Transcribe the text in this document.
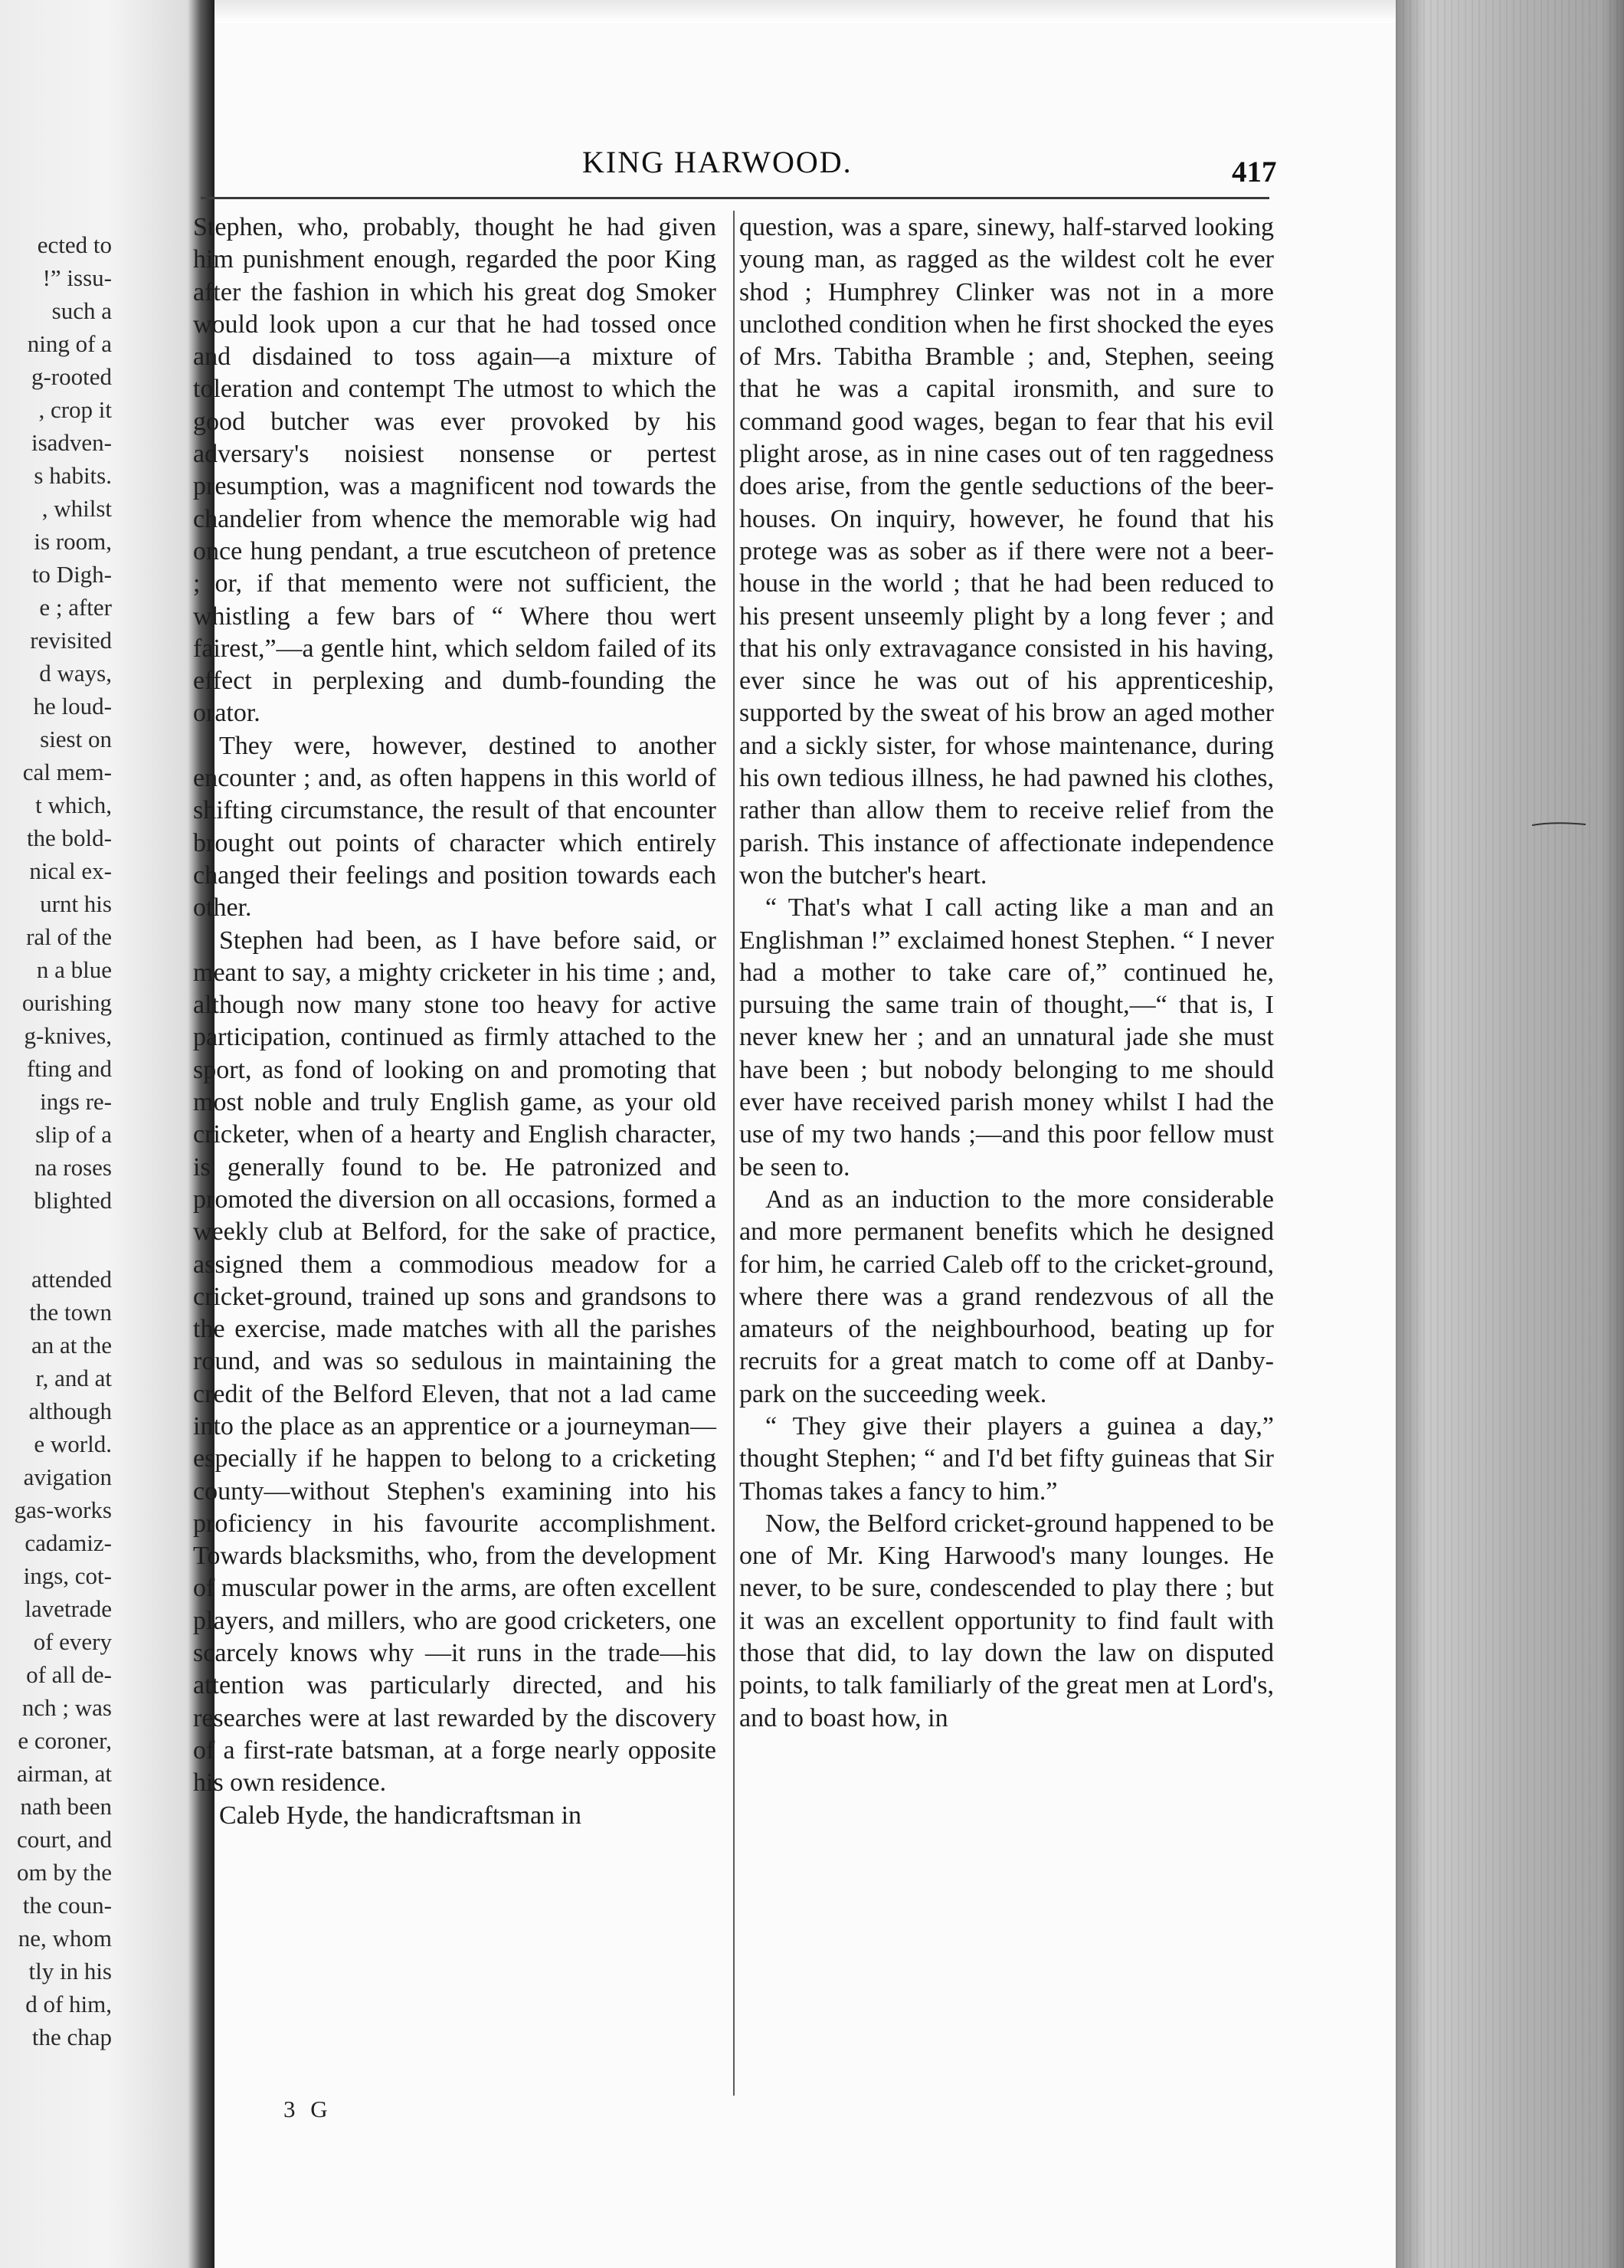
ected to
!” issu-
such a
ning of a
g-rooted
, crop it
isadven-
s habits.
, whilst
is room,
to Digh-
e ; after
revisited
d ways,
he loud-
siest on
cal mem-
t which,
the bold-
nical ex-
urnt his
ral of the
n a blue
ourishing
g-knives,
fting and
ings re-
slip of a
na roses
blighted
attended
the town
an at the
r, and at
although
e world.
avigation
gas-works
cadamiz-
ings, cot-
lavetrade
of every
of all de-
nch ; was
e coroner,
airman, at
nath been
court, and
om by the
the coun-
ne, whom
tly in his
d of him,
the chap
KING HARWOOD.	417

Stephen, who, probably, thought he had given him punishment enough, regarded the poor King after the fashion in which his great dog Smoker would look upon a cur that he had tossed once and disdained to toss again—a mixture of toleration and contempt The utmost to which the good butcher was ever provoked by his adversary's noisiest nonsense or pertest presumption, was a magnificent nod towards the chandelier from whence the memorable wig had once hung pendant, a true escutcheon of pretence ; or, if that memento were not sufficient, the whistling a few bars of “ Where thou wert fairest,”—a gentle hint, which seldom failed of its effect in perplexing and dumb-founding the orator.

They were, however, destined to another encounter ; and, as often happens in this world of shifting circumstance, the result of that encounter brought out points of character which entirely changed their feelings and position towards each other.

Stephen had been, as I have before said, or meant to say, a mighty cricketer in his time ; and, although now many stone too heavy for active participation, continued as firmly attached to the sport, as fond of looking on and promoting that most noble and truly English game, as your old cricketer, when of a hearty and English character, is generally found to be. He patronized and promoted the diversion on all occasions, formed a weekly club at Belford, for the sake of practice, assigned them a commodious meadow for a cricket-ground, trained up sons and grandsons to the exercise, made matches with all the parishes round, and was so sedulous in maintaining the credit of the Belford Eleven, that not a lad came into the place as an apprentice or a journeyman—especially if he happen to belong to a cricketing county—without Stephen's examining into his proficiency in his favourite accomplishment. Towards blacksmiths, who, from the development of muscular power in the arms, are often excellent players, and millers, who are good cricketers, one scarcely knows why —it runs in the trade—his attention was particularly directed, and his researches were at last rewarded by the discovery of a first-rate batsman, at a forge nearly opposite his own residence.

Caleb Hyde, the handicraftsman in

question, was a spare, sinewy, half-starved looking young man, as ragged as the wildest colt he ever shod ; Humphrey Clinker was not in a more unclothed condition when he first shocked the eyes of Mrs. Tabitha Bramble ; and, Stephen, seeing that he was a capital ironsmith, and sure to command good wages, began to fear that his evil plight arose, as in nine cases out of ten raggedness does arise, from the gentle seductions of the beer-houses. On inquiry, however, he found that his protege was as sober as if there were not a beer-house in the world ; that he had been reduced to his present unseemly plight by a long fever ; and that his only extravagance consisted in his having, ever since he was out of his apprenticeship, supported by the sweat of his brow an aged mother and a sickly sister, for whose maintenance, during his own tedious illness, he had pawned his clothes, rather than allow them to receive relief from the parish. This instance of affectionate independence won the butcher's heart.

“ That's what I call acting like a man and an Englishman !” exclaimed honest Stephen. “ I never had a mother to take care of,” continued he, pursuing the same train of thought,—“ that is, I never knew her ; and an unnatural jade she must have been ; but nobody belonging to me should ever have received parish money whilst I had the use of my two hands ;—and this poor fellow must be seen to.

And as an induction to the more considerable and more permanent benefits which he designed for him, he carried Caleb off to the cricket-ground, where there was a grand rendezvous of all the amateurs of the neighbourhood, beating up for recruits for a great match to come off at Danby-park on the succeeding week.

“ They give their players a guinea a day,” thought Stephen; “ and I'd bet fifty guineas that Sir Thomas takes a fancy to him.”

Now, the Belford cricket-ground happened to be one of Mr. King Harwood's many lounges. He never, to be sure, condescended to play there ; but it was an excellent opportunity to find fault with those that did, to lay down the law on disputed points, to talk familiarly of the great men at Lord's, and to boast how, in

3 G
